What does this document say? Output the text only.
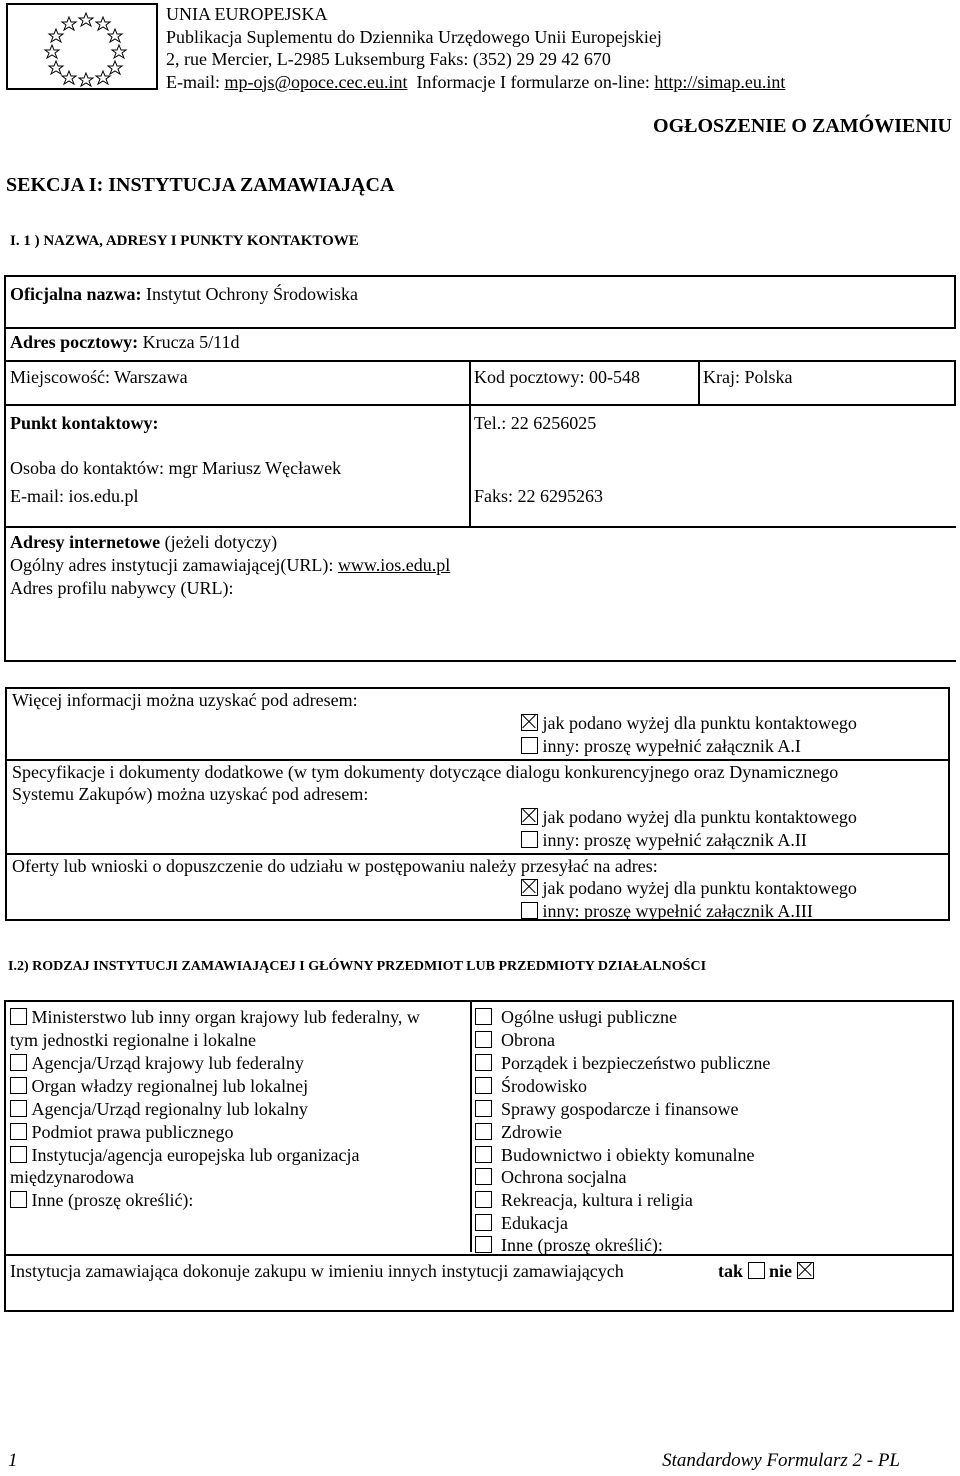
UNIA EUROPEJSKA
Publikacja Suplementu do Dziennika Urzędowego Unii Europejskiej
2, rue Mercier, L-2985 Luksemburg Faks: (352) 29 29 42 670
E-mail: mp-ojs@opoce.cec.eu.int Informacje I formularze on-line: http://simap.eu.int
OGŁOSZENIE O ZAMÓWIENIU
SEKCJA I: INSTYTUCJA ZAMAWIAJĄCA
I. 1 ) NAZWA, ADRESY I PUNKTY KONTAKTOWE
Oficjalna nazwa: Instytut Ochrony Środowiska
Adres pocztowy: Krucza 5/11d
Miejscowość: Warszawa	Kod pocztowy: 00-548	Kraj: Polska
Punkt kontaktowy:	Tel.: 22 6256025
Osoba do kontaktów: mgr Mariusz Węcławek
E-mail: ios.edu.pl	Faks: 22 6295263
Adresy internetowe (jeżeli dotyczy)
Ogólny adres instytucji zamawiającej(URL): www.ios.edu.pl
Adres profilu nabywcy (URL):
Więcej informacji można uzyskać pod adresem:
jak podano wyżej dla punktu kontaktowego
inny: proszę wypełnić załącznik A.I
Specyfikacje i dokumenty dodatkowe (w tym dokumenty dotyczące dialogu konkurencyjnego oraz Dynamicznego
Systemu Zakupów) można uzyskać pod adresem:
jak podano wyżej dla punktu kontaktowego
inny: proszę wypełnić załącznik A.II
Oferty lub wnioski o dopuszczenie do udziału w postępowaniu należy przesyłać na adres:
jak podano wyżej dla punktu kontaktowego
inny: proszę wypełnić załącznik A.III
I.2) RODZAJ INSTYTUCJI ZAMAWIAJĄCEJ I GŁÓWNY PRZEDMIOT LUB PRZEDMIOTY DZIAŁALNOŚCI
Ministerstwo lub inny organ krajowy lub federalny, w
tym jednostki regionalne i lokalne
Agencja/Urząd krajowy lub federalny
Organ władzy regionalnej lub lokalnej
Agencja/Urząd regionalny lub lokalny
Podmiot prawa publicznego
Instytucja/agencja europejska lub organizacja
międzynarodowa
Inne (proszę określić):
Ogólne usługi publiczne
Obrona
Porządek i bezpieczeństwo publiczne
Środowisko
Sprawy gospodarcze i finansowe
Zdrowie
Budownictwo i obiekty komunalne
Ochrona socjalna
Rekreacja, kultura i religia
Edukacja
Inne (proszę określić):
Instytucja zamawiająca dokonuje zakupu w imieniu innych instytucji zamawiających	tak nie
1	Standardowy Formularz 2 - PL
